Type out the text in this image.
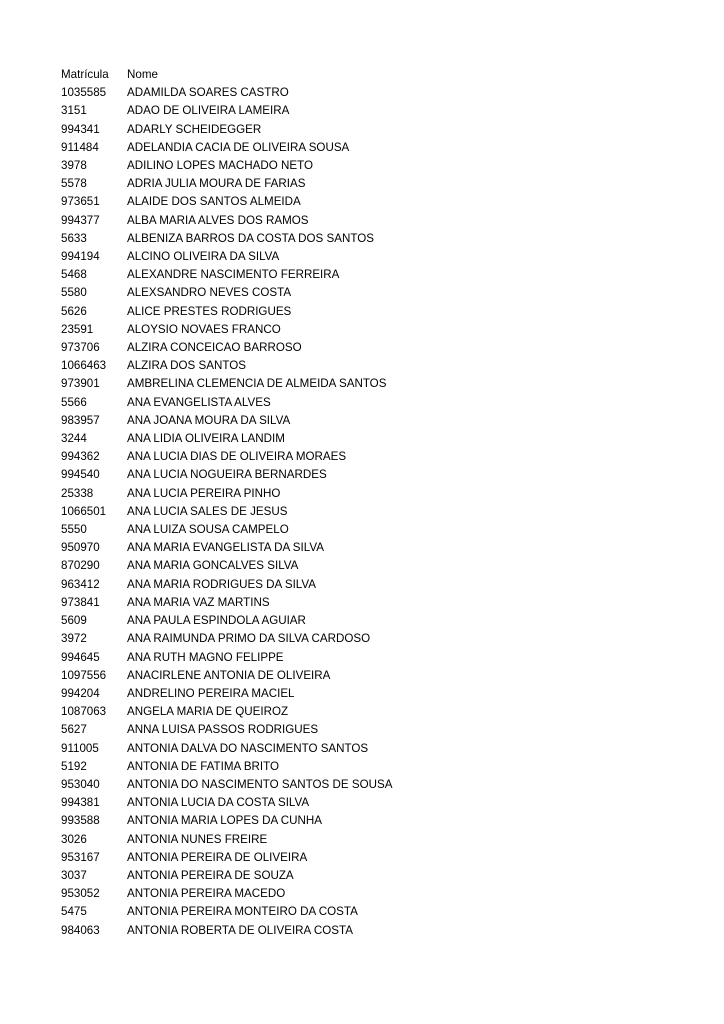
Matrícula	Nome
1035585	ADAMILDA SOARES CASTRO
3151	ADAO DE OLIVEIRA LAMEIRA
994341	ADARLY SCHEIDEGGER
911484	ADELANDIA CACIA DE OLIVEIRA SOUSA
3978	ADILINO LOPES MACHADO NETO
5578	ADRIA JULIA MOURA DE FARIAS
973651	ALAIDE DOS SANTOS ALMEIDA
994377	ALBA MARIA ALVES DOS RAMOS
5633	ALBENIZA BARROS DA COSTA DOS SANTOS
994194	ALCINO OLIVEIRA DA SILVA
5468	ALEXANDRE NASCIMENTO FERREIRA
5580	ALEXSANDRO NEVES COSTA
5626	ALICE PRESTES RODRIGUES
23591	ALOYSIO NOVAES FRANCO
973706	ALZIRA CONCEICAO BARROSO
1066463	ALZIRA DOS SANTOS
973901	AMBRELINA CLEMENCIA DE ALMEIDA SANTOS
5566	ANA EVANGELISTA ALVES
983957	ANA JOANA MOURA DA SILVA
3244	ANA LIDIA OLIVEIRA LANDIM
994362	ANA LUCIA DIAS DE OLIVEIRA MORAES
994540	ANA LUCIA NOGUEIRA BERNARDES
25338	ANA LUCIA PEREIRA PINHO
1066501	ANA LUCIA SALES DE JESUS
5550	ANA LUIZA SOUSA CAMPELO
950970	ANA MARIA EVANGELISTA DA SILVA
870290	ANA MARIA GONCALVES SILVA
963412	ANA MARIA RODRIGUES DA SILVA
973841	ANA MARIA VAZ MARTINS
5609	ANA PAULA ESPINDOLA AGUIAR
3972	ANA RAIMUNDA PRIMO DA SILVA CARDOSO
994645	ANA RUTH MAGNO FELIPPE
1097556	ANACIRLENE ANTONIA DE OLIVEIRA
994204	ANDRELINO PEREIRA MACIEL
1087063	ANGELA MARIA DE QUEIROZ
5627	ANNA LUISA PASSOS RODRIGUES
911005	ANTONIA DALVA DO NASCIMENTO SANTOS
5192	ANTONIA DE FATIMA BRITO
953040	ANTONIA DO NASCIMENTO SANTOS DE SOUSA
994381	ANTONIA LUCIA DA COSTA SILVA
993588	ANTONIA MARIA LOPES DA CUNHA
3026	ANTONIA NUNES FREIRE
953167	ANTONIA PEREIRA DE OLIVEIRA
3037	ANTONIA PEREIRA DE SOUZA
953052	ANTONIA PEREIRA MACEDO
5475	ANTONIA PEREIRA MONTEIRO DA COSTA
984063	ANTONIA ROBERTA DE OLIVEIRA COSTA
